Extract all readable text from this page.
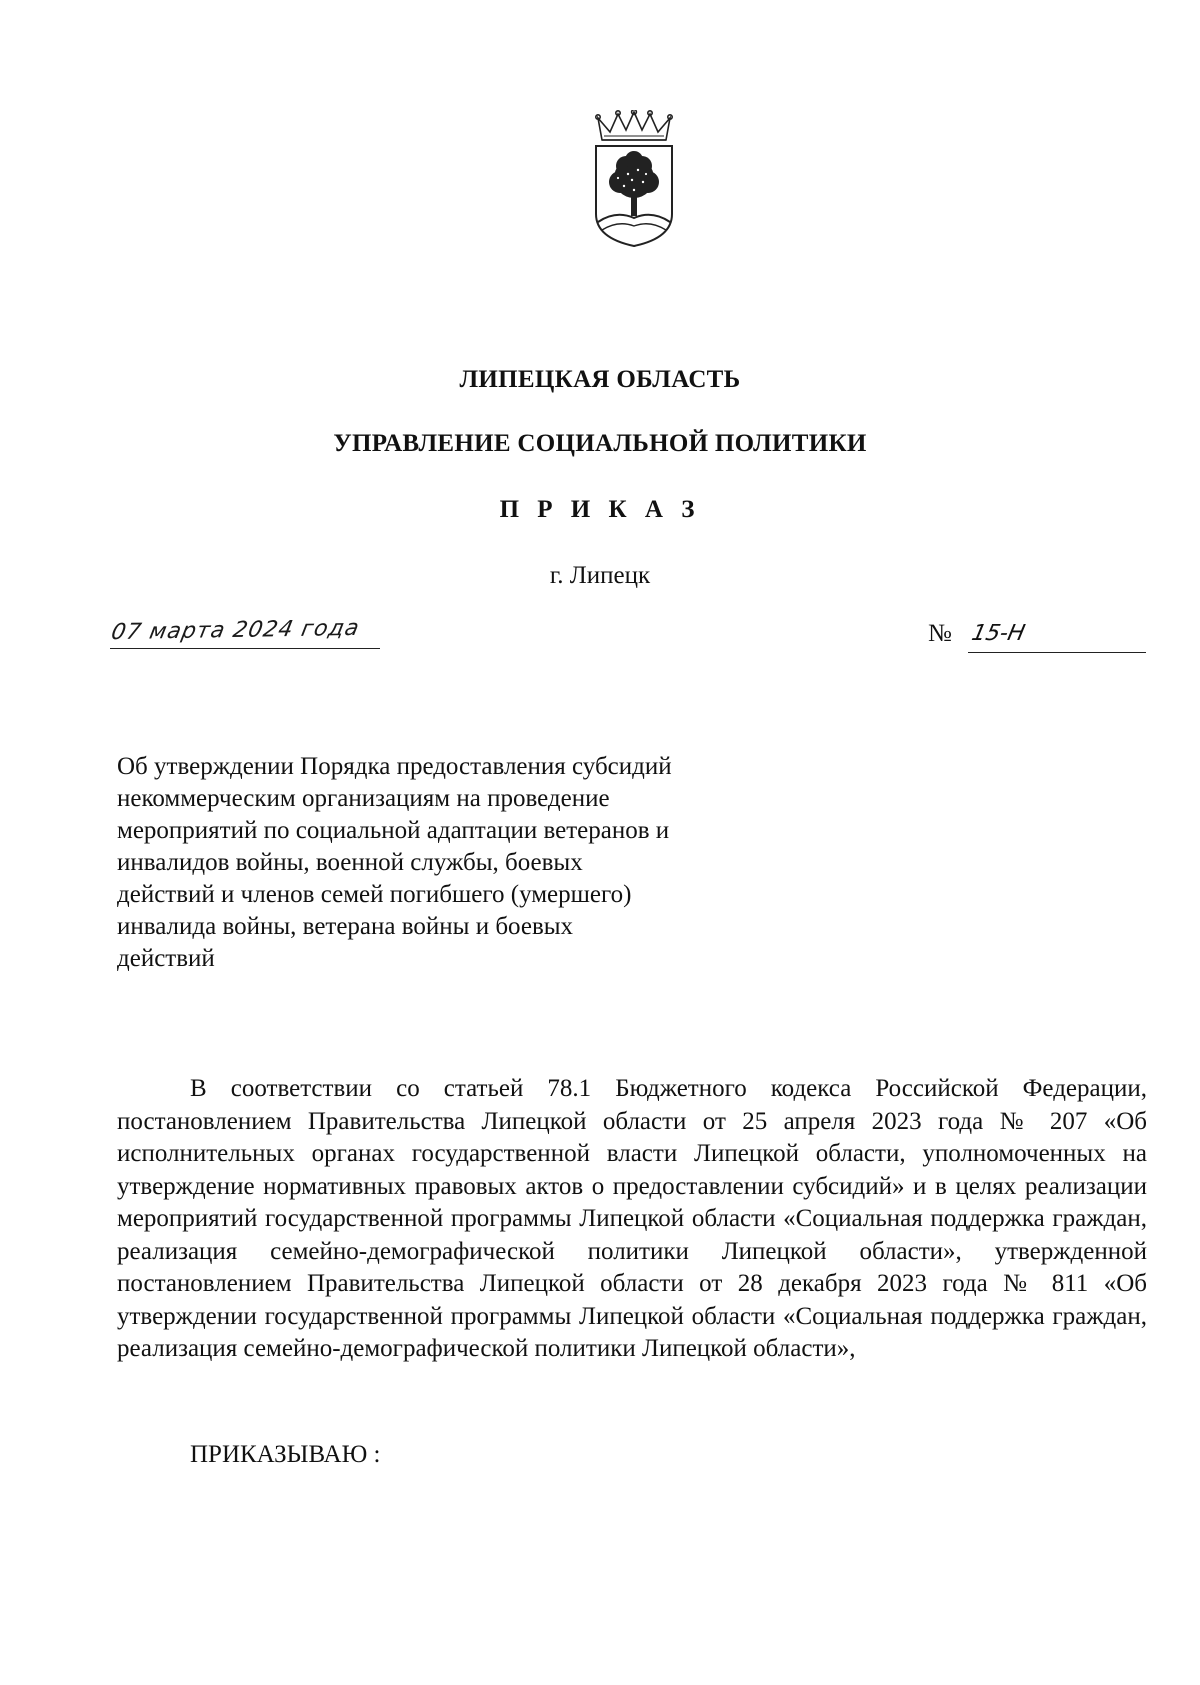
ЛИПЕЦКАЯ ОБЛАСТЬ
УПРАВЛЕНИЕ СОЦИАЛЬНОЙ ПОЛИТИКИ
П Р И К А З
г. Липецк
07 марта 2024 года	№ 15-Н

Об утверждении Порядка предоставления субсидий некоммерческим организациям на проведение мероприятий по социальной адаптации ветеранов и инвалидов войны, военной службы, боевых действий и членов семей погибшего (умершего) инвалида войны, ветерана войны и боевых действий

В соответствии со статьей 78.1 Бюджетного кодекса Российской Федерации, постановлением Правительства Липецкой области от 25 апреля 2023 года № 207 «Об исполнительных органах государственной власти Липецкой области, уполномоченных на утверждение нормативных правовых актов о предоставлении субсидий» и в целях реализации мероприятий государственной программы Липецкой области «Социальная поддержка граждан, реализация семейно-демографической политики Липецкой области», утвержденной постановлением Правительства Липецкой области от 28 декабря 2023 года № 811 «Об утверждении государственной программы Липецкой области «Социальная поддержка граждан, реализация семейно-демографической политики Липецкой области»,

ПРИКАЗЫВАЮ :
